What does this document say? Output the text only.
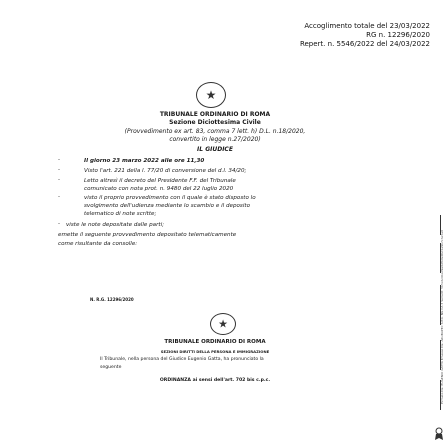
Accoglimento totale del 23/03/2022
RG n. 12296/2020
Repert. n. 5546/2022 del 24/03/2022
★
TRIBUNALE ORDINARIO DI ROMA
Sezione Diciottesima Civile
(Provvedimento ex art. 83, comma 7 lett. h) D.L. n.18/2020,
convertito in legge n.27/2020)
IL GIUDICE
-	Il giorno 23 marzo 2022 alle ore 11,30
-	Visto l'art. 221 della l. 77/20 di conversione del d.l. 34/20;
-	Letto altresì il decreto del Presidente F.F. del Tribunale
comunicato con nota prot. n. 9480 del 22 luglio 2020
-	visto il proprio provvedimento con il quale è stato disposto lo
svolgimento dell'udienza mediante lo scambio e il deposito
telematico di note scritte;
- viste le note depositate dalle parti;
emette il seguente provvedimento depositato telematicamente
come risultante da consolle:
N. R.G. 12296/2020
★
TRIBUNALE ORDINARIO DI ROMA
SEZIONI DIRITTI DELLA PERSONA E IMMIGRAZIONE
Il Tribunale, nella persona del Giudice Eugenio Gatta, ha pronunciato la
seguente
ORDINANZA ai sensi dell'art. 702 bis c.p.c.	Firmato Da: EUGENIO GATTA Emesso Da: ARUBAPEC S.P.A. NG CA 3 Serial#: 5b5c6c0bcd9a0dfb0e9bd1a9b7c3e5a0
